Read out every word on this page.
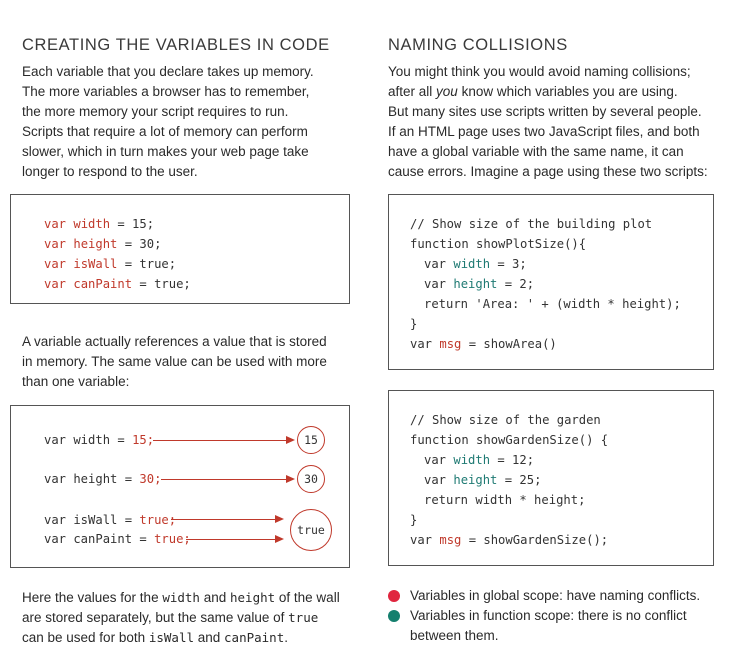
CREATING THE VARIABLES IN CODE

Each variable that you declare takes up memory.
The more variables a browser has to remember,
the more memory your script requires to run.
Scripts that require a lot of memory can perform
slower, which in turn makes your web page take
longer to respond to the user.

var width = 15;
var height = 30;
var isWall = true;
var canPaint = true;

A variable actually references a value that is stored
in memory. The same value can be used with more
than one variable:

var width = 15;
var height = 30;
var isWall = true;
var canPaint = true;
15
30
true

Here the values for the width and height of the wall
are stored separately, but the same value of true
can be used for both isWall and canPaint.

NAMING COLLISIONS

You might think you would avoid naming collisions;
after all you know which variables you are using.
But many sites use scripts written by several people.
If an HTML page uses two JavaScript files, and both
have a global variable with the same name, it can
cause errors. Imagine a page using these two scripts:

// Show size of the building plot
function showPlotSize(){
var width = 3;
var height = 2;
return 'Area: ' + (width * height);
}
var msg = showArea()
// Show size of the garden
function showGardenSize() {
var width = 12;
var height = 25;
return width * height;
}
var msg = showGardenSize();
Variables in global scope: have naming conflicts.
Variables in function scope: there is no conflict
between them.
